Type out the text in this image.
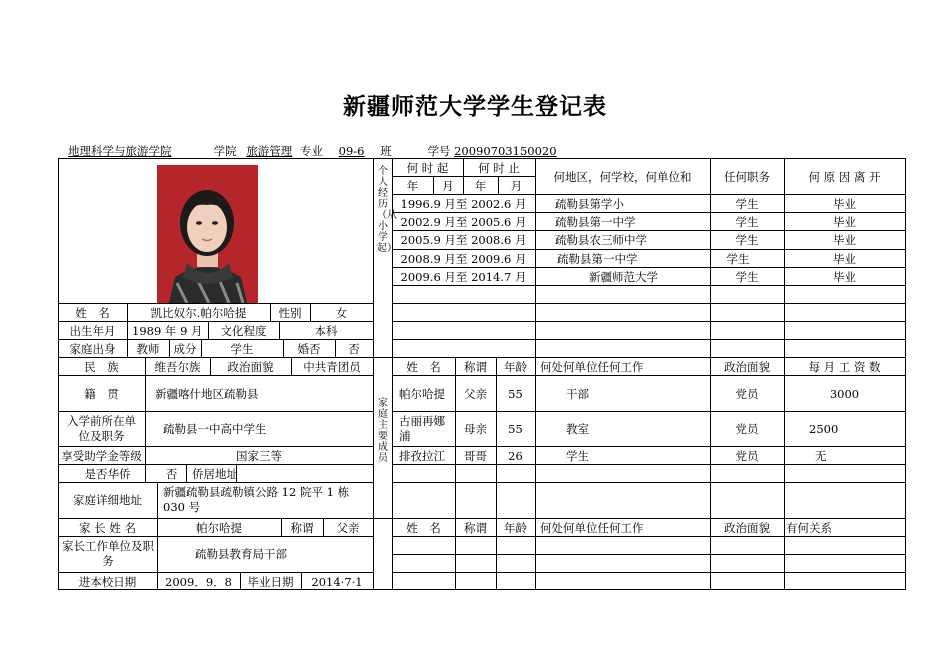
新疆师范大学学生登记表
地理科学与旅游学院	学院 旅游管理 专业 09-6 班	学号 20090703150020
姓　名	凯比奴尔.帕尔哈提	性别	女
出生年月	1989 年 9 月	文化程度	本科
家庭出身	教师	成分	学生	婚否	否
民　族	维吾尔族	政治面貌	中共青团员
籍　贯	新疆喀什地区疏勒县
入学前所在单位及职务	疏勒县一中高中学生
享受助学金等级	国家三等
是否华侨	否	侨居地址
家庭详细地址
新疆疏勒县疏勒镇公路 12 院平 1 栋 030 号
家 长 姓 名	帕尔哈提	称谓	父亲
家长工作单位及职务	疏勒县教育局干部
进本校日期	2009．9．8	毕业日期	2014·7·1
个人经历（从小学起）
家庭主要成员
何 时 起	何 时 止
年	月	年	月
何地区，何学校，何单位和	任何职务	何 原 因 离 开
1996.9 月至 2002.6 月	疏勒县第学小	学生	毕业
2002.9 月至 2005.6 月	疏勒县第一中学	学生	毕业
2005.9 月至 2008.6 月	疏勒县农三师中学	学生	毕业
2008.9 月至 2009.6 月	疏勒县第一中学	学生	毕业
2009.6 月至 2014.7 月	新疆师范大学	学生	毕业
姓　名	称谓	年龄	何处何单位任何工作	政治面貌	每 月 工 资 数
帕尔哈提	父亲	55	干部	党员	3000
古丽再娜浦	母亲	55	教室	党员	2500
排孜拉江	哥哥	26	学生	党员	无
姓　名	称谓	年龄	何处何单位任何工作	政治面貌	有何关系
